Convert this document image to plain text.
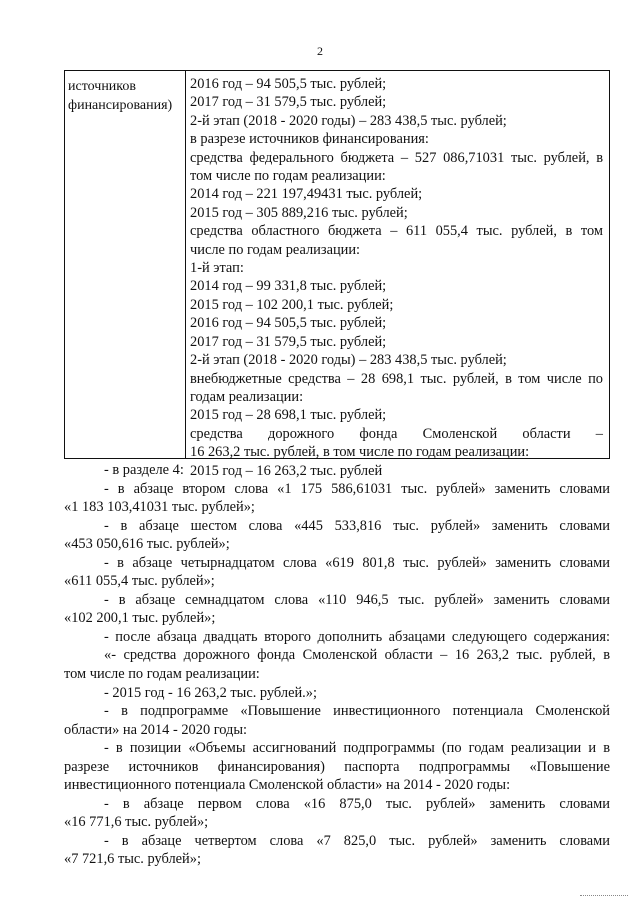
2
источников
финансирования)
2016 год – 94 505,5 тыс. рублей;
2017 год – 31 579,5 тыс. рублей;
2-й этап (2018 - 2020 годы) – 283 438,5 тыс. рублей;
в разрезе источников финансирования:
средства федерального бюджета – 527 086,71031 тыс. рублей, в
том числе по годам реализации:
2014 год – 221 197,49431 тыс. рублей;
2015 год – 305 889,216 тыс. рублей;
средства областного бюджета – 611 055,4 тыс. рублей, в том
числе по годам реализации:
1-й этап:
2014 год – 99 331,8 тыс. рублей;
2015 год – 102 200,1 тыс. рублей;
2016 год – 94 505,5 тыс. рублей;
2017 год – 31 579,5 тыс. рублей;
2-й этап (2018 - 2020 годы) – 283 438,5 тыс. рублей;
внебюджетные средства – 28 698,1 тыс. рублей, в том числе по
годам реализации:
2015 год – 28 698,1 тыс. рублей;
средства дорожного фонда Смоленской области –
16 263,2 тыс. рублей, в том числе по годам реализации:
2015 год – 16 263,2 тыс. рублей
- в разделе 4:
- в абзаце втором слова «1 175 586,61031 тыс. рублей» заменить словами
«1 183 103,41031 тыс. рублей»;
- в абзаце шестом слова «445 533,816 тыс. рублей» заменить словами
«453 050,616 тыс. рублей»;
- в абзаце четырнадцатом слова «619 801,8 тыс. рублей» заменить словами
«611 055,4 тыс. рублей»;
- в абзаце семнадцатом слова «110 946,5 тыс. рублей» заменить словами
«102 200,1 тыс. рублей»;
- после абзаца двадцать второго дополнить абзацами следующего содержания:
«- средства дорожного фонда Смоленской области – 16 263,2 тыс. рублей, в
том числе по годам реализации:
- 2015 год - 16 263,2 тыс. рублей.»;
- в подпрограмме «Повышение инвестиционного потенциала Смоленской
области» на 2014 - 2020 годы:
- в позиции «Объемы ассигнований подпрограммы (по годам реализации и в
разрезе источников финансирования) паспорта подпрограммы «Повышение
инвестиционного потенциала Смоленской области» на 2014 - 2020 годы:
- в абзаце первом слова «16 875,0 тыс. рублей» заменить словами
«16 771,6 тыс. рублей»;
- в абзаце четвертом слова «7 825,0 тыс. рублей» заменить словами
«7 721,6 тыс. рублей»;
